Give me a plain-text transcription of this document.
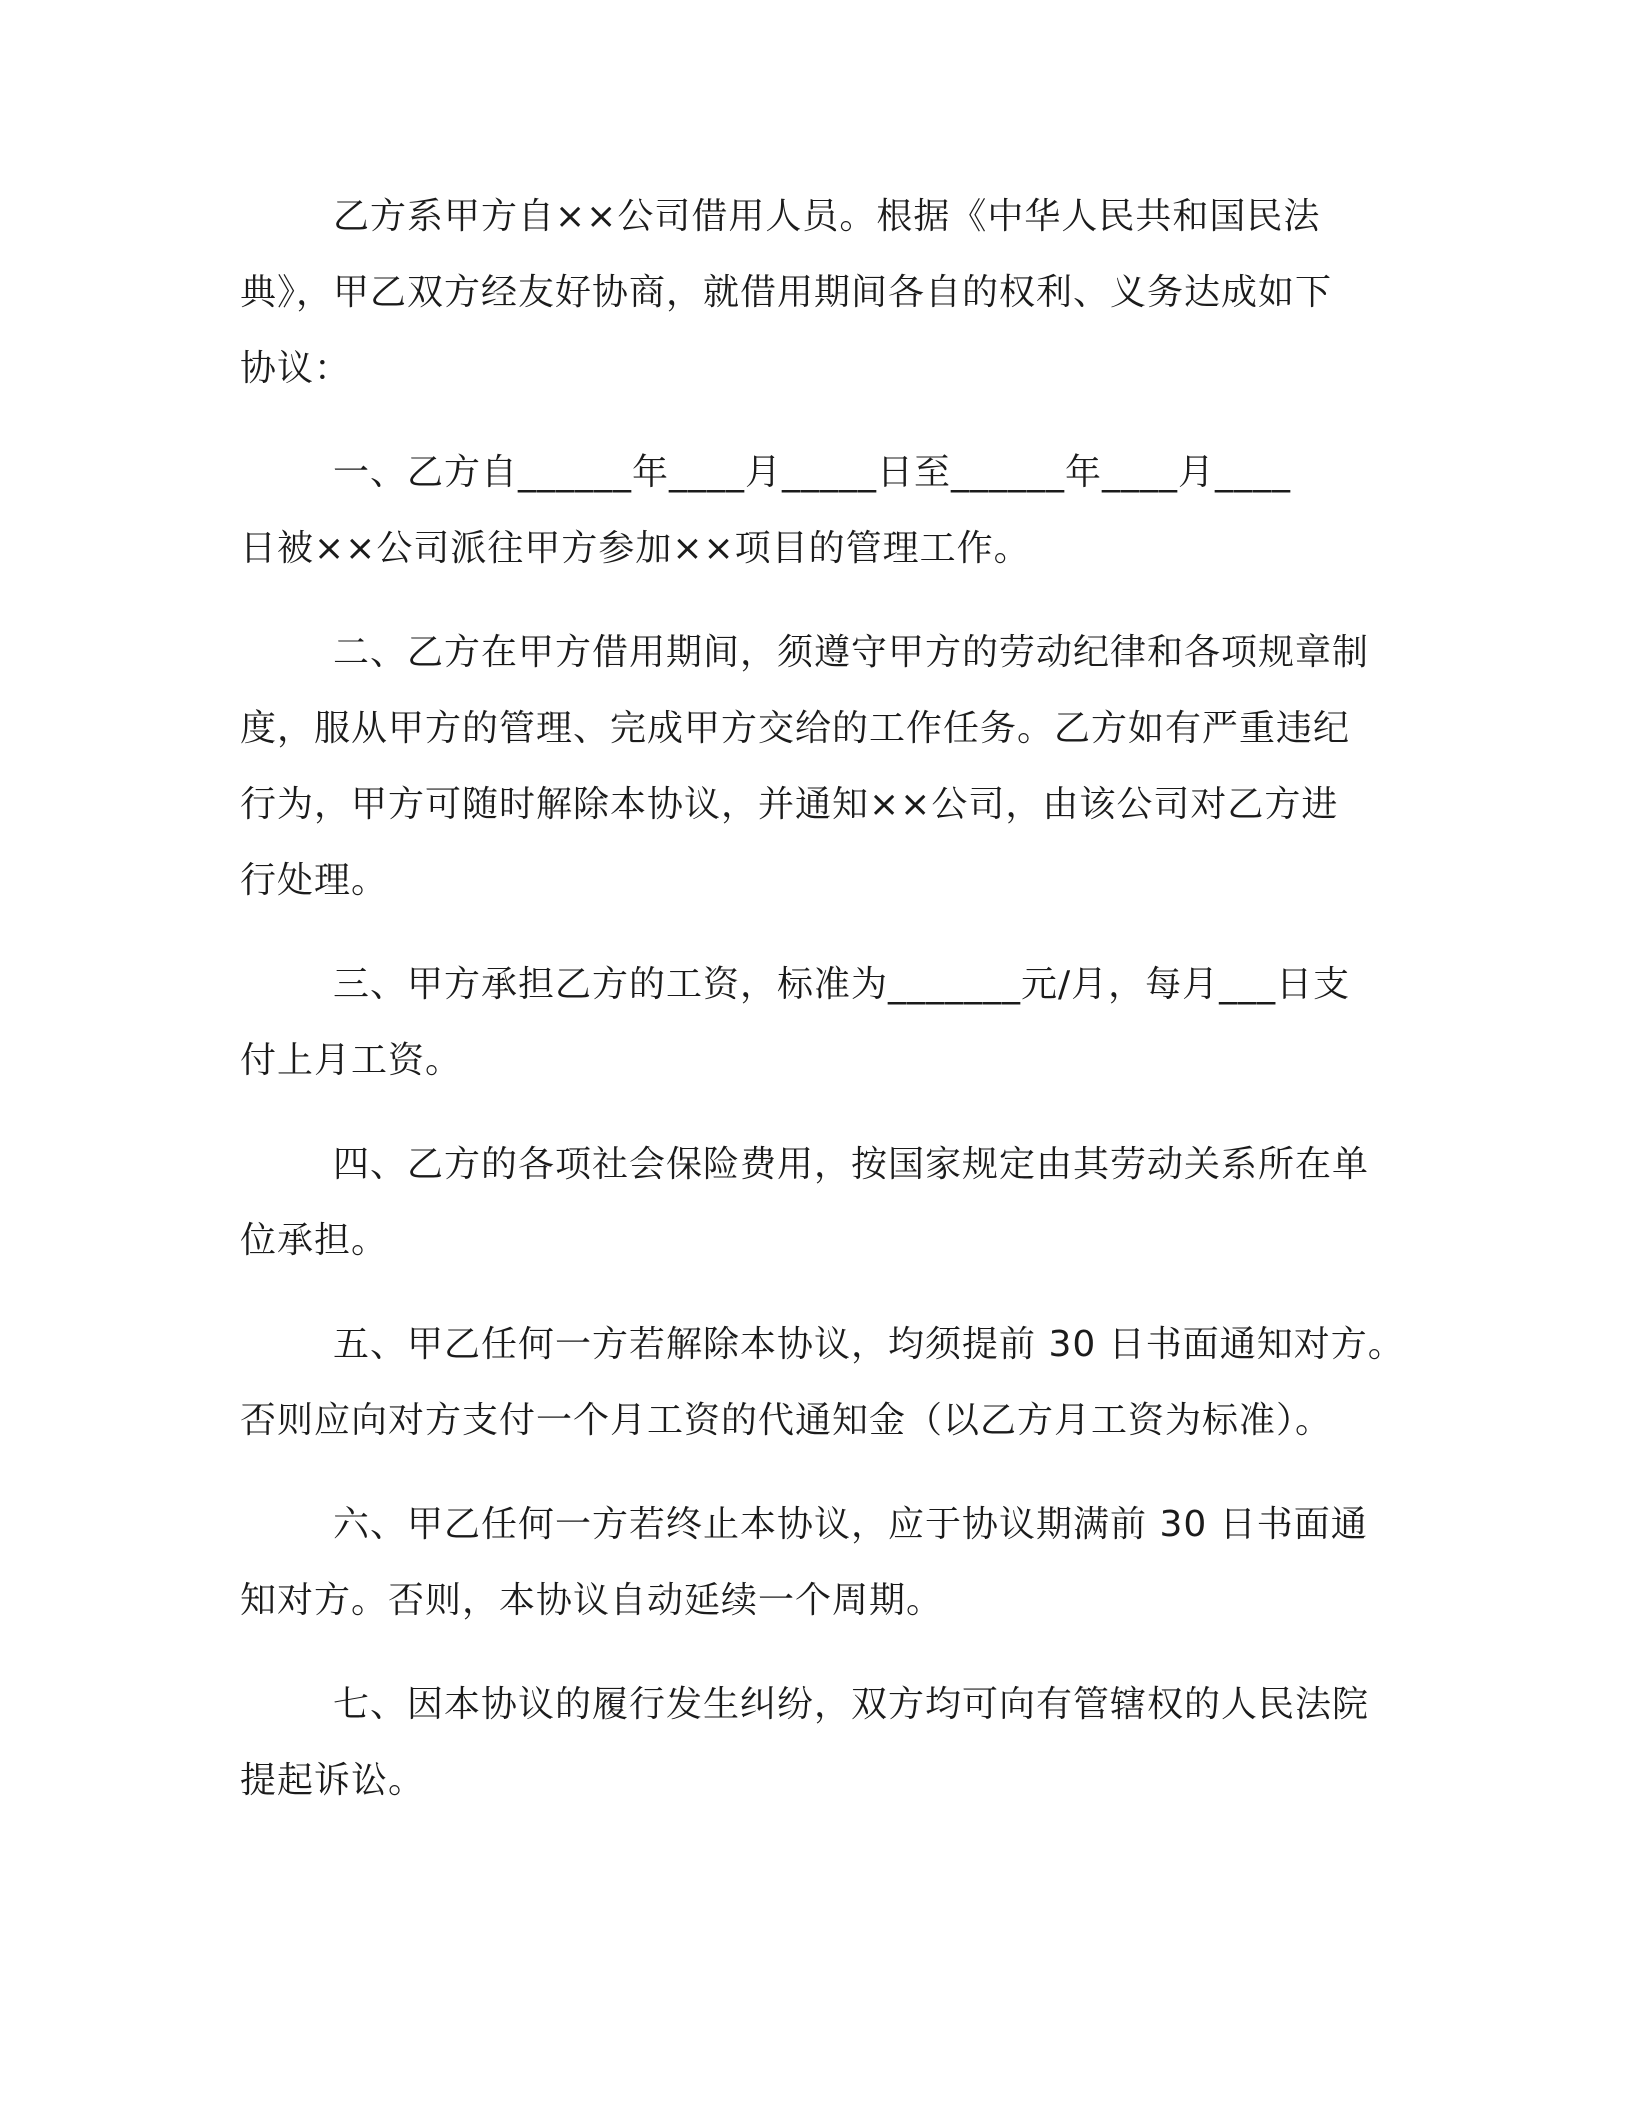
乙方系甲方自××公司借用人员。根据《中华人民共和国民法
典》，甲乙双方经友好协商，就借用期间各自的权利、义务达成如下
协议：
一、乙方自______年____月_____日至______年____月____
日被××公司派往甲方参加××项目的管理工作。
二、乙方在甲方借用期间，须遵守甲方的劳动纪律和各项规章制
度，服从甲方的管理、完成甲方交给的工作任务。乙方如有严重违纪
行为，甲方可随时解除本协议，并通知××公司，由该公司对乙方进
行处理。
三、甲方承担乙方的工资，标准为_______元/月，每月___日支
付上月工资。
四、乙方的各项社会保险费用，按国家规定由其劳动关系所在单
位承担。
五、甲乙任何一方若解除本协议，均须提前 30 日书面通知对方。
否则应向对方支付一个月工资的代通知金（以乙方月工资为标准）。
六、甲乙任何一方若终止本协议，应于协议期满前 30 日书面通
知对方。否则，本协议自动延续一个周期。
七、因本协议的履行发生纠纷，双方均可向有管辖权的人民法院
提起诉讼。
